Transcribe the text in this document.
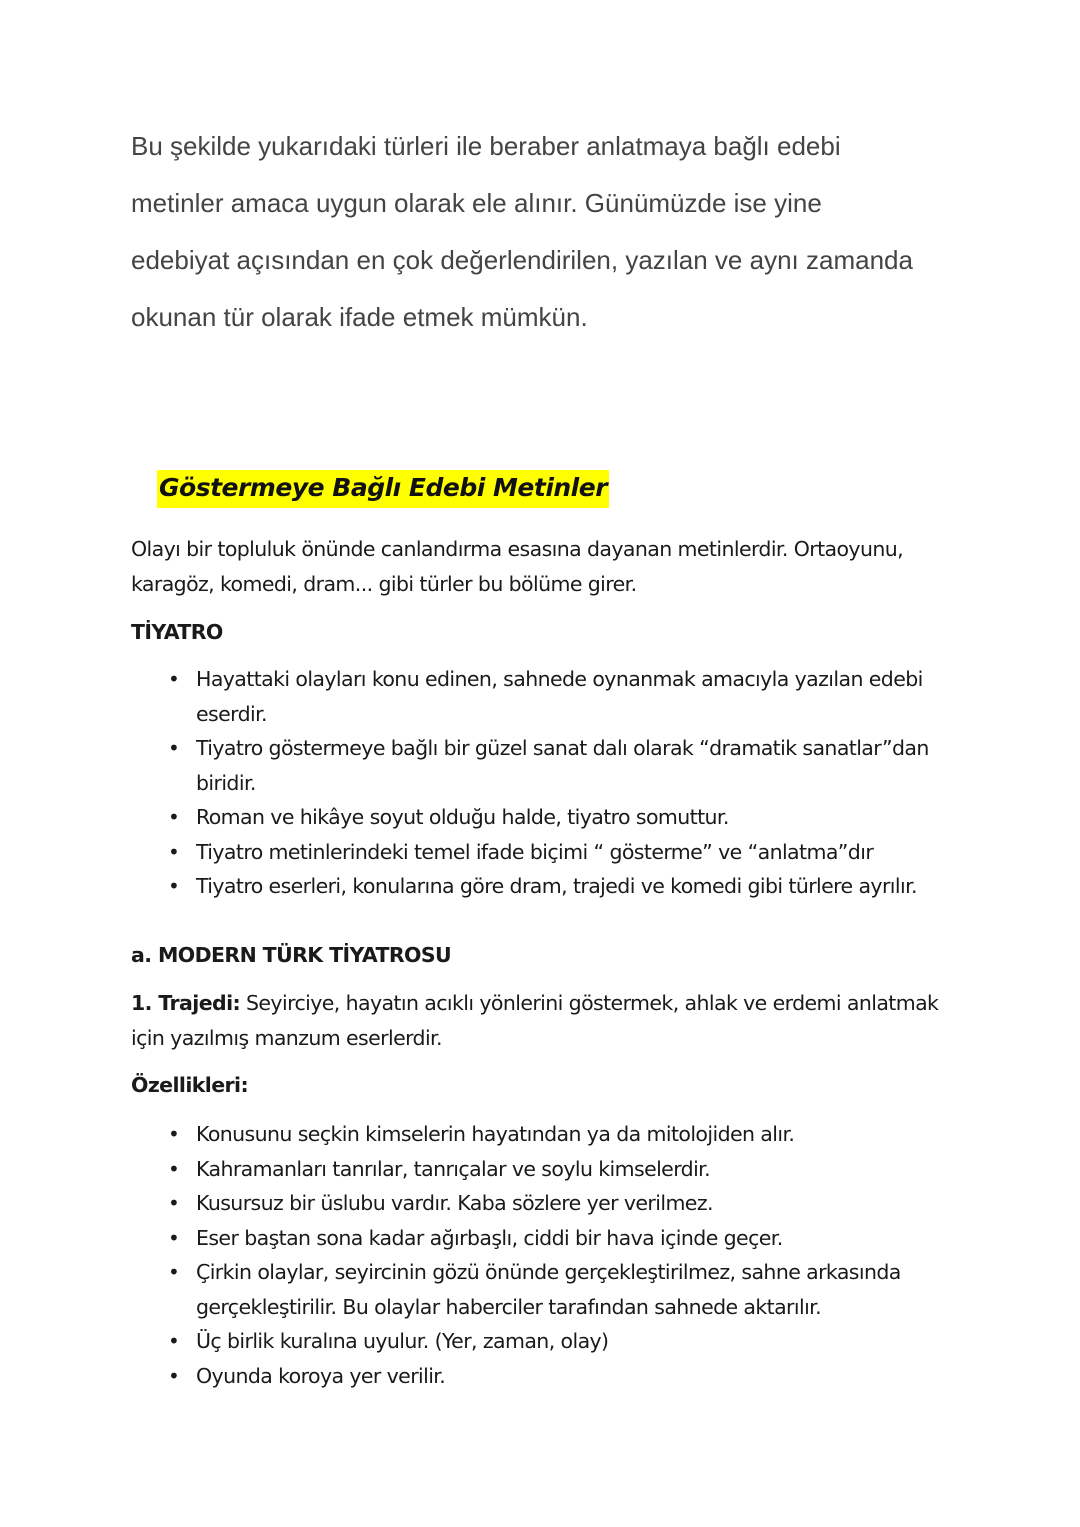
Bu şekilde yukarıdaki türleri ile beraber anlatmaya bağlı edebi

metinler amaca uygun olarak ele alınır. Günümüzde ise yine

edebiyat açısından en çok değerlendirilen, yazılan ve aynı zamanda

okunan tür olarak ifade etmek mümkün.

Göstermeye Bağlı Edebi Metinler
Olayı bir topluluk önünde canlandırma esasına dayanan metinlerdir. Ortaoyunu, karagöz, komedi, dram... gibi türler bu bölüme girer.
TİYATRO
• Hayattaki olayları konu edinen, sahnede oynanmak amacıyla yazılan edebi eserdir.
• Tiyatro göstermeye bağlı bir güzel sanat dalı olarak “dramatik sanatlar”dan biridir.
• Roman ve hikâye soyut olduğu halde, tiyatro somuttur.
• Tiyatro metinlerindeki temel ifade biçimi “ gösterme” ve “anlatma”dır
• Tiyatro eserleri, konularına göre dram, trajedi ve komedi gibi türlere ayrılır.
a. MODERN TÜRK TİYATROSU
1. Trajedi: Seyirciye, hayatın acıklı yönlerini göstermek, ahlak ve erdemi anlatmak için yazılmış manzum eserlerdir.
Özellikleri:
• Konusunu seçkin kimselerin hayatından ya da mitolojiden alır.
• Kahramanları tanrılar, tanrıçalar ve soylu kimselerdir.
• Kusursuz bir üslubu vardır. Kaba sözlere yer verilmez.
• Eser baştan sona kadar ağırbaşlı, ciddi bir hava içinde geçer.
• Çirkin olaylar, seyircinin gözü önünde gerçekleştirilmez, sahne arkasında gerçekleştirilir. Bu olaylar haberciler tarafından sahnede aktarılır.
• Üç birlik kuralına uyulur. (Yer, zaman, olay)
• Oyunda koroya yer verilir.
